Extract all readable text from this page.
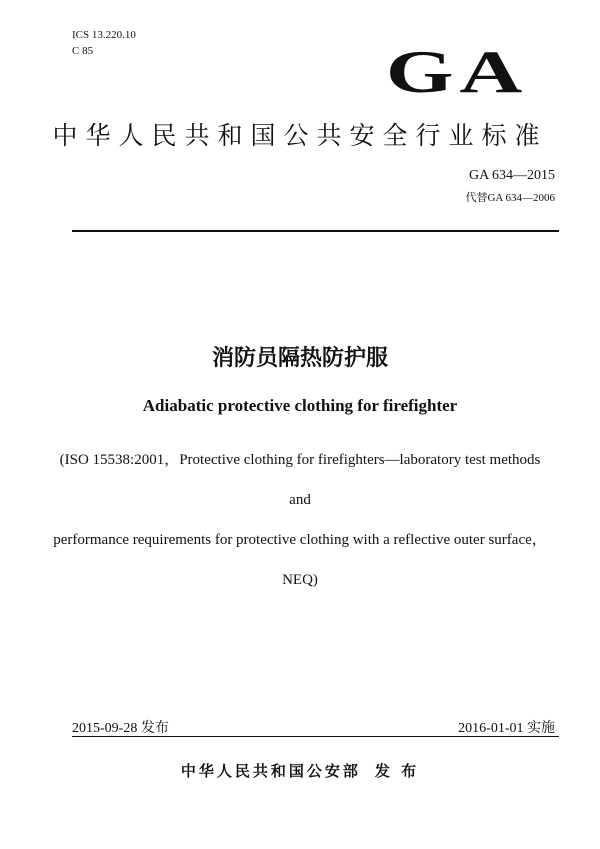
ICS 13.220.10
C 85	GA
中华人民共和国公共安全行业标准
GA 634—2015
代替GA 634—2006
消防员隔热防护服
Adiabatic protective clothing for firefighter
(ISO 15538:2001，Protective clothing for firefighters—laboratory test methods and
performance requirements for protective clothing with a reflective outer surface，NEQ)
2015-09-28 发布	2016-01-01 实施
中华人民共和国公安部 发 布
